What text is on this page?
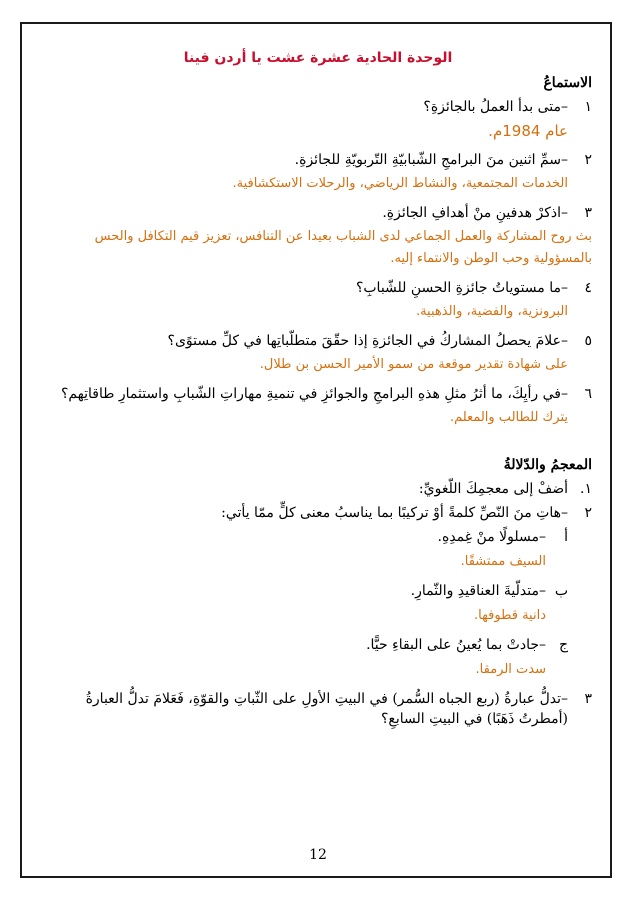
الوحدة الحادية عشرة عشت يا أردن فينا
الاستماعُ
١
–متى بدأ العملُ بالجائزةِ؟
عام 1984م.
٢
–سمِّ اثنين منَ البرامجِ الشّبابيّةِ التّربويّةِ للجائزةِ.
الخدمات المجتمعية، والنشاط الرياضي، والرحلات الاستكشافية.
٣
–اذكرْ هدفينِ منْ أهدافِ الجائزةِ.
بث روح المشاركة والعمل الجماعي لدى الشباب بعيدا عن التنافس، تعزيز قيم التكافل والحس بالمسؤولية وحب الوطن والانتماء إليه.
٤
–ما مستوياتُ جائزةِ الحسنِ للشّبابِ؟
البرونزية، والفضية، والذهبية.
٥
–علامَ يحصلُ المشاركُ في الجائزةِ إذا حقّقَ متطلّباتِها في كلِّ مستوًى؟
على شهادة تقدير موقعة من سمو الأمير الحسن بن طلال.
٦
–في رأيِكَ، ما أثرُ مثلِ هذهِ البرامجِ والجوائزِ في تنميةِ مهاراتِ الشّبابِ واستثمارِ طاقاتِهم؟
يترك للطالب والمعلم.
المعجمُ والدّلالةُ
١.
أضفْ إلى معجمِكَ اللّغويِّ:
٢
–هاتِ منَ النّصِّ كلمةً أوْ تركيبًا بما يناسبُ معنى كلٍّ ممّا يأتي:
أ
–مسلولًا منْ غِمدِهِ.
السيف ممتشقًا.
ب
–متدلّيةَ العناقيدِ والثّمارِ.
دانية قطوفها.
ج
–جادتْ بما يُعينُ على البقاءِ حيًّا.
سدت الرمقا.
٣
–تدلُّ عبارةُ (ربع الجباه السُّمر) في البيتِ الأولِ على الثّباتِ والقوّةِ، فَعَلامَ تدلُّ العبارةُ (أمطرتُ ذَهَبًا) في البيتِ السابعِ؟
12
